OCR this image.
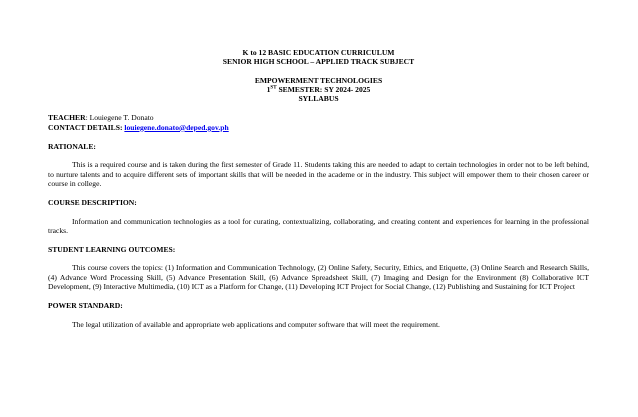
K to 12 BASIC EDUCATION CURRICULUM
SENIOR HIGH SCHOOL – APPLIED TRACK SUBJECT
EMPOWERMENT TECHNOLOGIES
1ST SEMESTER: SY 2024- 2025
SYLLABUS
TEACHER: Louiegene T. Donato
CONTACT DETAILS: louiegene.donato@deped.gov.ph
RATIONALE:

This is a required course and is taken during the first semester of Grade 11. Students taking this are needed to adapt to certain technologies in order not to be left behind, to nurture talents and to acquire different sets of important skills that will be needed in the academe or in the industry. This subject will empower them to their chosen career or course in college.

COURSE DESCRIPTION:

Information and communication technologies as a tool for curating, contextualizing, collaborating, and creating content and experiences for learning in the professional tracks.

STUDENT LEARNING OUTCOMES:

This course covers the topics: (1) Information and Communication Technology, (2) Online Safety, Security, Ethics, and Etiquette, (3) Online Search and Research Skills, (4) Advance Word Processing Skill, (5) Advance Presentation Skill, (6) Advance Spreadsheet Skill, (7) Imaging and Design for the Environment (8) Collaborative ICT Development, (9) Interactive Multimedia, (10) ICT as a Platform for Change, (11) Developing ICT Project for Social Change, (12) Publishing and Sustaining for ICT Project

POWER STANDARD:

The legal utilization of available and appropriate web applications and computer software that will meet the requirement.
